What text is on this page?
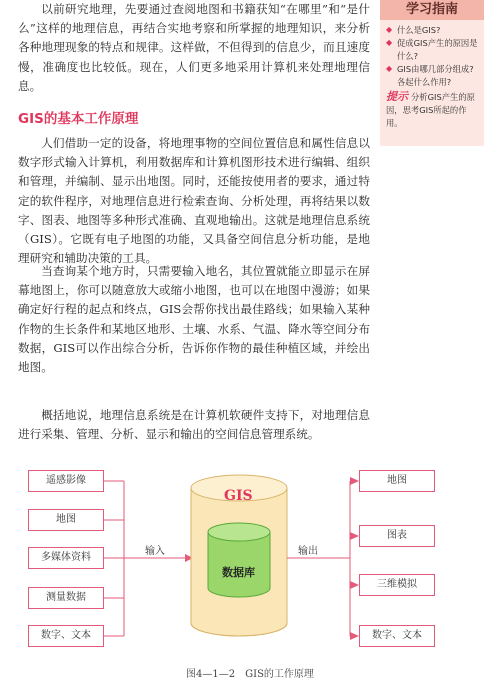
以前研究地理，先要通过查阅地图和书籍获知“在哪里”和“是什么”这样的地理信息，再结合实地考察和所掌握的地理知识，来分析各种地理现象的特点和规律。这样做，不但得到的信息少，而且速度慢，准确度也比较低。现在，人们更多地采用计算机来处理地理信息。

GIS的基本工作原理

人们借助一定的设备，将地理事物的空间位置信息和属性信息以数字形式输入计算机，利用数据库和计算机图形技术进行编辑、组织和管理，并编制、显示出地图。同时，还能按使用者的要求，通过特定的软件程序，对地理信息进行检索查询、分析处理，再将结果以数字、图表、地图等多种形式准确、直观地输出。这就是地理信息系统（GIS）。它既有电子地图的功能，又具备空间信息分析功能，是地理研究和辅助决策的工具。

当查询某个地方时，只需要输入地名，其位置就能立即显示在屏幕地图上，你可以随意放大或缩小地图，也可以在地图中漫游；如果确定好行程的起点和终点，GIS会帮你找出最佳路线；如果输入某种作物的生长条件和某地区地形、土壤、水系、气温、降水等空间分布数据，GIS可以作出综合分析，告诉你作物的最佳种植区域，并绘出地图。

概括地说，地理信息系统是在计算机软硬件支持下，对地理信息进行采集、管理、分析、显示和输出的空间信息管理系统。

学习指南
◆ 什么是GIS?
◆ 促成GIS产生的原因是什么?
◆ GIS由哪几部分组成?各起什么作用?
提示 分析GIS产生的原因，思考GIS所起的作用。
遥感影像
地图
多媒体资料
测量数据
数字、文本
输入	输出
GIS
数据库
地图
图表
三维模拟
数字、文本
图4—1—2　GIS的工作原理
